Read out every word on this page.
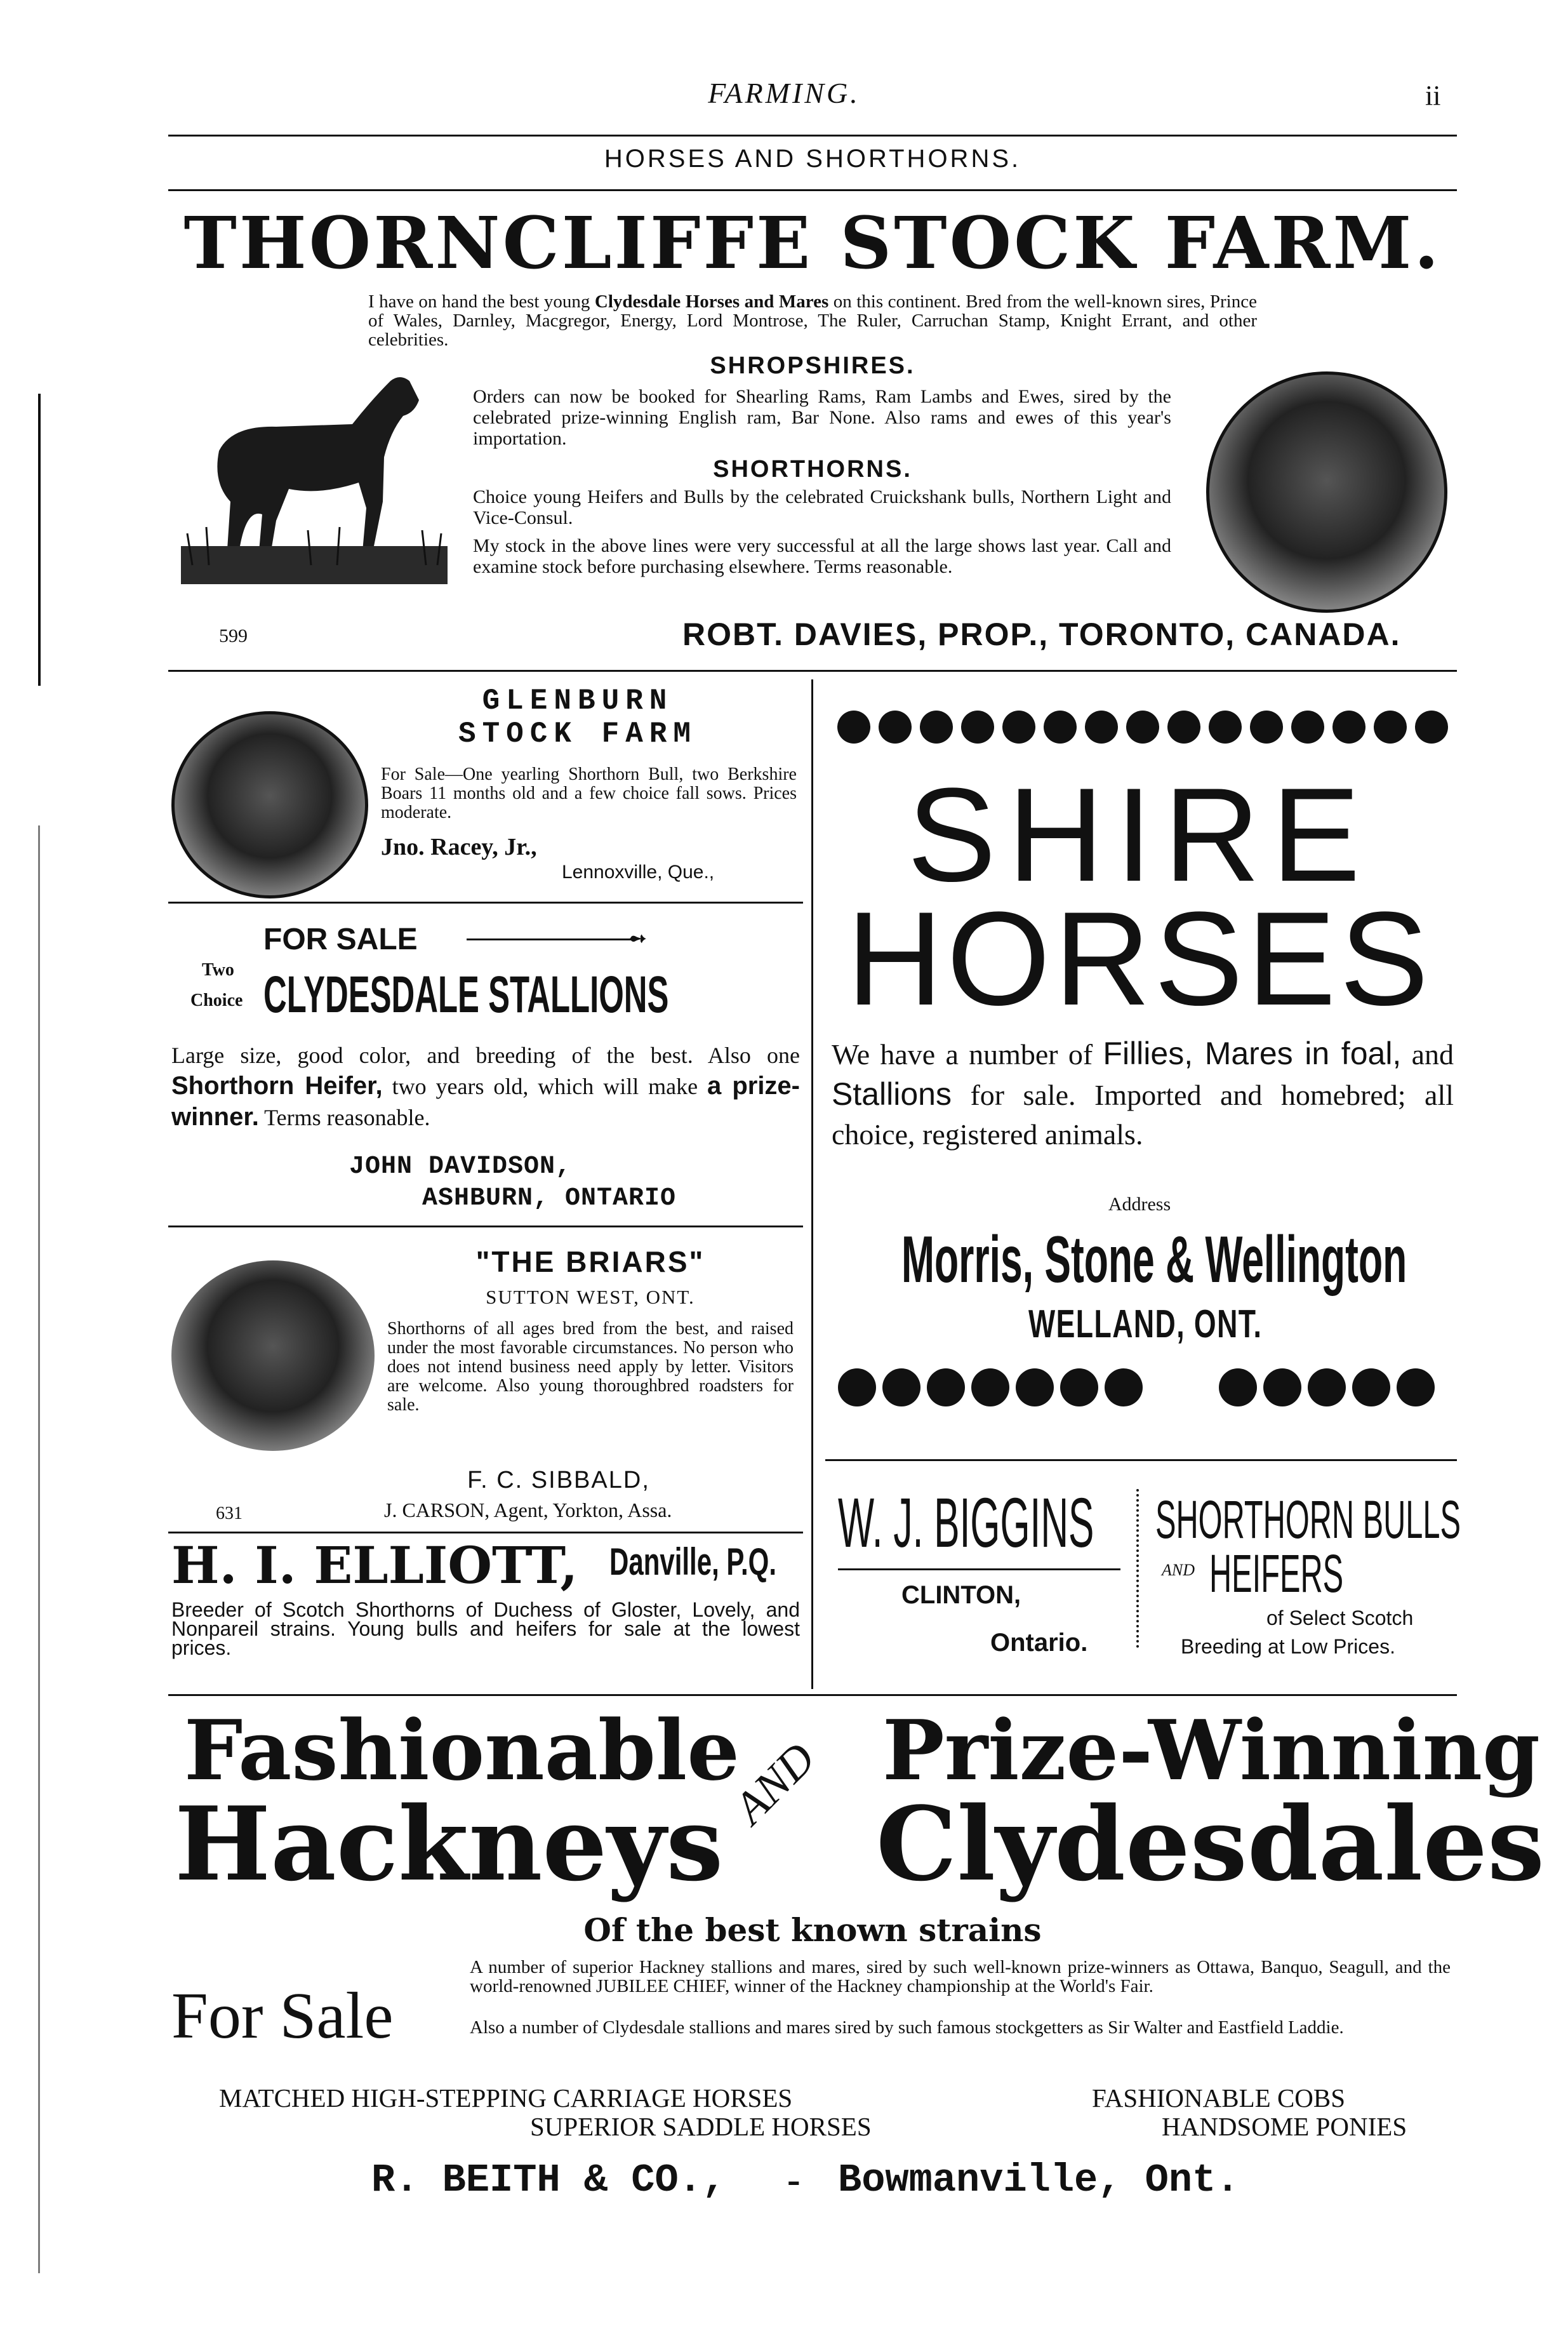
FARMING.	ii
HORSES AND SHORTHORNS.
THORNCLIFFE STOCK FARM.

I have on hand the best young Clydesdale Horses and Mares on this continent. Bred from the well-known sires, Prince of Wales, Darnley, Macgregor, Energy, Lord Montrose, The Ruler, Carruchan Stamp, Knight Errant, and other celebrities.

SHROPSHIRES.

Orders can now be booked for Shearling Rams, Ram Lambs and Ewes, sired by the celebrated prize-winning English ram, Bar None. Also rams and ewes of this year's importation.

SHORTHORNS.

Choice young Heifers and Bulls by the celebrated Cruickshank bulls, Northern Light and Vice-Consul.

My stock in the above lines were very successful at all the large shows last year. Call and examine stock before purchasing elsewhere. Terms reasonable.

599	ROBT. DAVIES, PROP., TORONTO, CANADA.
GLENBURN
STOCK FARM

For Sale—One yearling Shorthorn Bull, two Berkshire Boars 11 months old and a few choice fall sows. Prices moderate.

Jno. Racey, Jr.,
Lennoxville, Que.,
FOR SALE	➻
Two
Choice CLYDESDALE STALLIONS

Large size, good color, and breeding of the best. Also one Shorthorn Heifer, two years old, which will make a prize-winner. Terms reasonable.

JOHN DAVIDSON,
ASHBURN, ONTARIO
"THE BRIARS"
SUTTON WEST, ONT.

Shorthorns of all ages bred from the best, and raised under the most favorable circumstances. No person who does not intend business need apply by letter. Visitors are welcome. Also young thoroughbred roadsters for sale.

F. C. SIBBALD,
631	J. CARSON, Agent, Yorkton, Assa.
H. I. ELLIOTT, Danville, P.Q.

Breeder of Scotch Shorthorns of Duchess of Gloster, Lovely, and Nonpareil strains. Young bulls and heifers for sale at the lowest prices.

SHIRE
HORSES

We have a number of Fillies, Mares in foal, and Stallions for sale. Imported and homebred; all choice, registered animals.

Address
Morris, Stone & Wellington
WELLAND, ONT.
W. J. BIGGINS
CLINTON,
Ontario.
SHORTHORN BULLS
AND HEIFERS
of Select Scotch
Breeding at Low Prices.
Fashionable
Hackneys
AND Prize-Winning
Clydesdales
Of the best known strains
For Sale

A number of superior Hackney stallions and mares, sired by such well-known prize-winners as Ottawa, Banquo, Seagull, and the world-renowned JUBILEE CHIEF, winner of the Hackney championship at the World's Fair.

Also a number of Clydesdale stallions and mares sired by such famous stockgetters as Sir Walter and Eastfield Laddie.

MATCHED HIGH-STEPPING CARRIAGE HORSES
SUPERIOR SADDLE HORSES
FASHIONABLE COBS
HANDSOME PONIES
R. BEITH & CO., - Bowmanville, Ont.
